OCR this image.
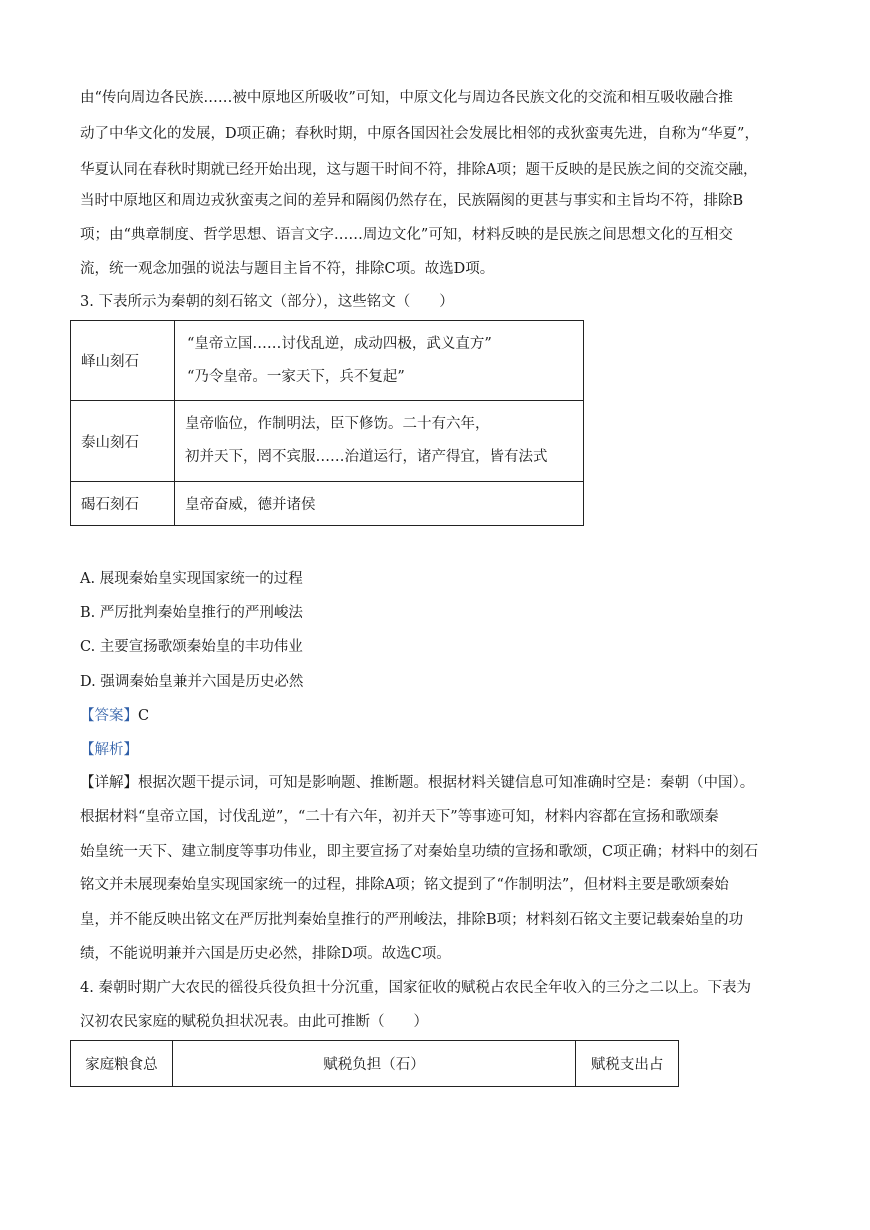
由“传向周边各民族……被中原地区所吸收”可知，中原文化与周边各民族文化的交流和相互吸收融合推
动了中华文化的发展，D项正确；春秋时期，中原各国因社会发展比相邻的戎狄蛮夷先进，自称为“华夏”，
华夏认同在春秋时期就已经开始出现，这与题干时间不符，排除A项；题干反映的是民族之间的交流交融，
当时中原地区和周边戎狄蛮夷之间的差异和隔阂仍然存在，民族隔阂的更甚与事实和主旨均不符，排除B
项；由“典章制度、哲学思想、语言文字……周边文化”可知，材料反映的是民族之间思想文化的互相交
流，统一观念加强的说法与题目主旨不符，排除C项。故选D项。
3. 下表所示为秦朝的刻石铭文（部分），这些铭文（　　）
峄山刻石	“皇帝立国……讨伐乱逆，成动四极，武义直方”
“乃令皇帝。一家天下，兵不复起”

泰山刻石	皇帝临位，作制明法，臣下修饬。二十有六年，
初并天下，罔不宾服……治道运行，诸产得宜，皆有法式

碣石刻石	皇帝奋威，德并诸侯
A. 展现秦始皇实现国家统一的过程
B. 严厉批判秦始皇推行的严刑峻法
C. 主要宣扬歌颂秦始皇的丰功伟业
D. 强调秦始皇兼并六国是历史必然
【答案】C
【解析】
【详解】根据次题干提示词，可知是影响题、推断题。根据材料关键信息可知准确时空是：秦朝（中国）。
根据材料“皇帝立国，讨伐乱逆”，“二十有六年，初并天下”等事迹可知，材料内容都在宣扬和歌颂秦
始皇统一天下、建立制度等事功伟业，即主要宣扬了对秦始皇功绩的宣扬和歌颂，C项正确；材料中的刻石
铭文并未展现秦始皇实现国家统一的过程，排除A项；铭文提到了“作制明法”，但材料主要是歌颂秦始
皇，并不能反映出铭文在严厉批判秦始皇推行的严刑峻法，排除B项；材料刻石铭文主要记载秦始皇的功
绩，不能说明兼并六国是历史必然，排除D项。故选C项。
4. 秦朝时期广大农民的徭役兵役负担十分沉重，国家征收的赋税占农民全年收入的三分之二以上。下表为
汉初农民家庭的赋税负担状况表。由此可推断（　　）
家庭粮食总	赋税负担（石）	赋税支出占
